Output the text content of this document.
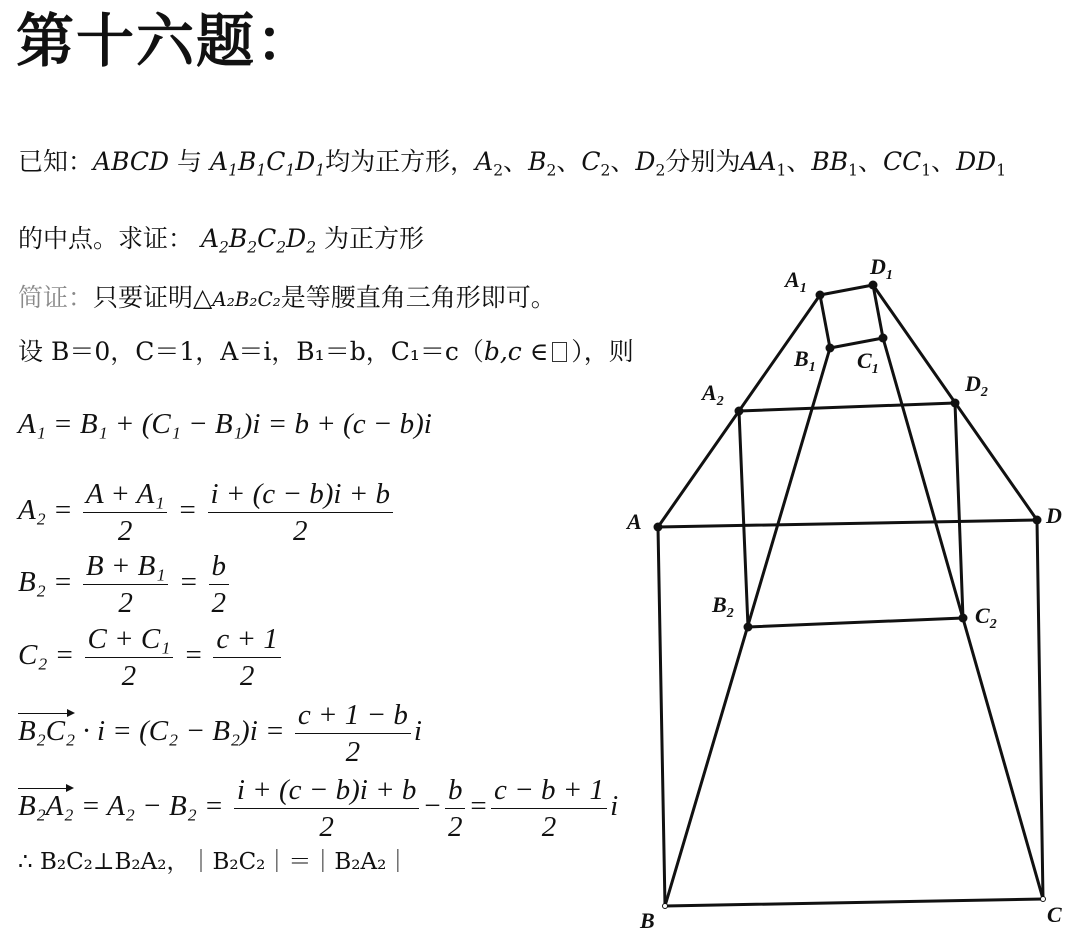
第十六题：
已知：ABCD 与 $A_1B_1C_1D_1$均为正方形，$A_2$、$B_2$、$C_2$、$D_2$分别为$AA_1$、$BB_1$、$CC_1$、$DD_1$
的中点。求证： $A_2B_2C_2D_2$ 为正方形
简证：只要证明△A₂B₂C₂是等腰直角三角形即可。
设 B＝0，C＝1，A＝i，B₁＝b，C₁＝c（b,c ∈ ），则
A₁ = B₁ + (C₁ − B₁)i = b + (c − b)i
$A_2 = \frac{\text{A + A₁}}{2} = \frac{i + (c - b)i + b}{2}$
$B_2 = \frac{\text{B + B₁}}{2} = \frac{b}{2}$
$C_2 = \frac{\text{C + C₁}}{2} = \frac{c + 1}{2}$
$B_2C_2 \cdot i = (C_2 - B_2)i = \frac{c + 1 - b}{2}$ i
$B_2A_2 = A_2 - B_2 = \frac{i + (c - b)i + b}{2} - \frac{b}{2} = \frac{c - b + 1}{2}$ i
∴ B₂C₂⊥B₂A₂，｜B₂C₂｜＝｜B₂A₂｜
$A_1$
$D_1$
$B_1$ $C_1$
$A_2$
$D_2$
A	D
$B_2$	$C_2$
B	C
